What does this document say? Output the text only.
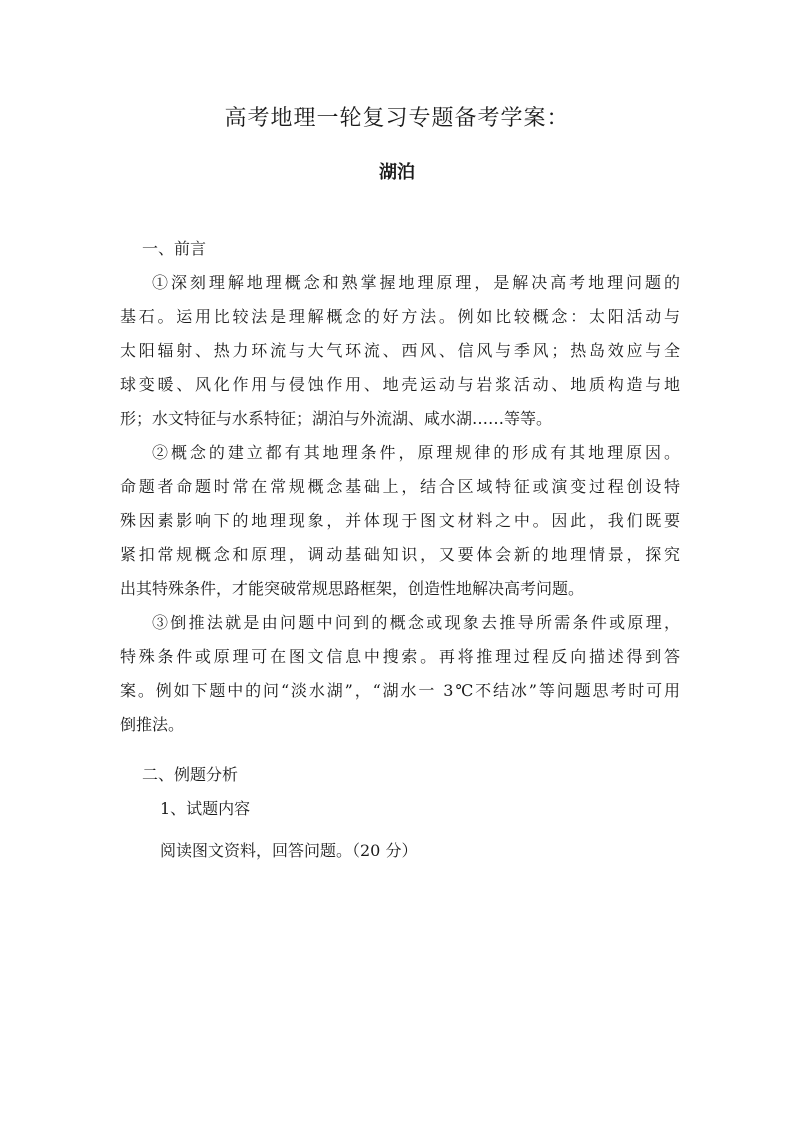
高考地理一轮复习专题备考学案：
湖泊
一、前言
①深刻理解地理概念和熟掌握地理原理，是解决高考地理问题的
基石。运用比较法是理解概念的好方法。例如比较概念：太阳活动与
太阳辐射、热力环流与大气环流、西风、信风与季风；热岛效应与全
球变暖、风化作用与侵蚀作用、地壳运动与岩浆活动、地质构造与地
形；水文特征与水系特征；湖泊与外流湖、咸水湖……等等。
②概念的建立都有其地理条件，原理规律的形成有其地理原因。
命题者命题时常在常规概念基础上，结合区域特征或演变过程创设特
殊因素影响下的地理现象，并体现于图文材料之中。因此，我们既要
紧扣常规概念和原理，调动基础知识，又要体会新的地理情景，探究
出其特殊条件，才能突破常规思路框架，创造性地解决高考问题。
③倒推法就是由问题中问到的概念或现象去推导所需条件或原理，
特殊条件或原理可在图文信息中搜索。再将推理过程反向描述得到答
案。例如下题中的问“淡水湖”，“湖水一 3℃不结冰”等问题思考时可用
倒推法。
二、例题分析
1、试题内容
阅读图文资料，回答问题。（20 分）
